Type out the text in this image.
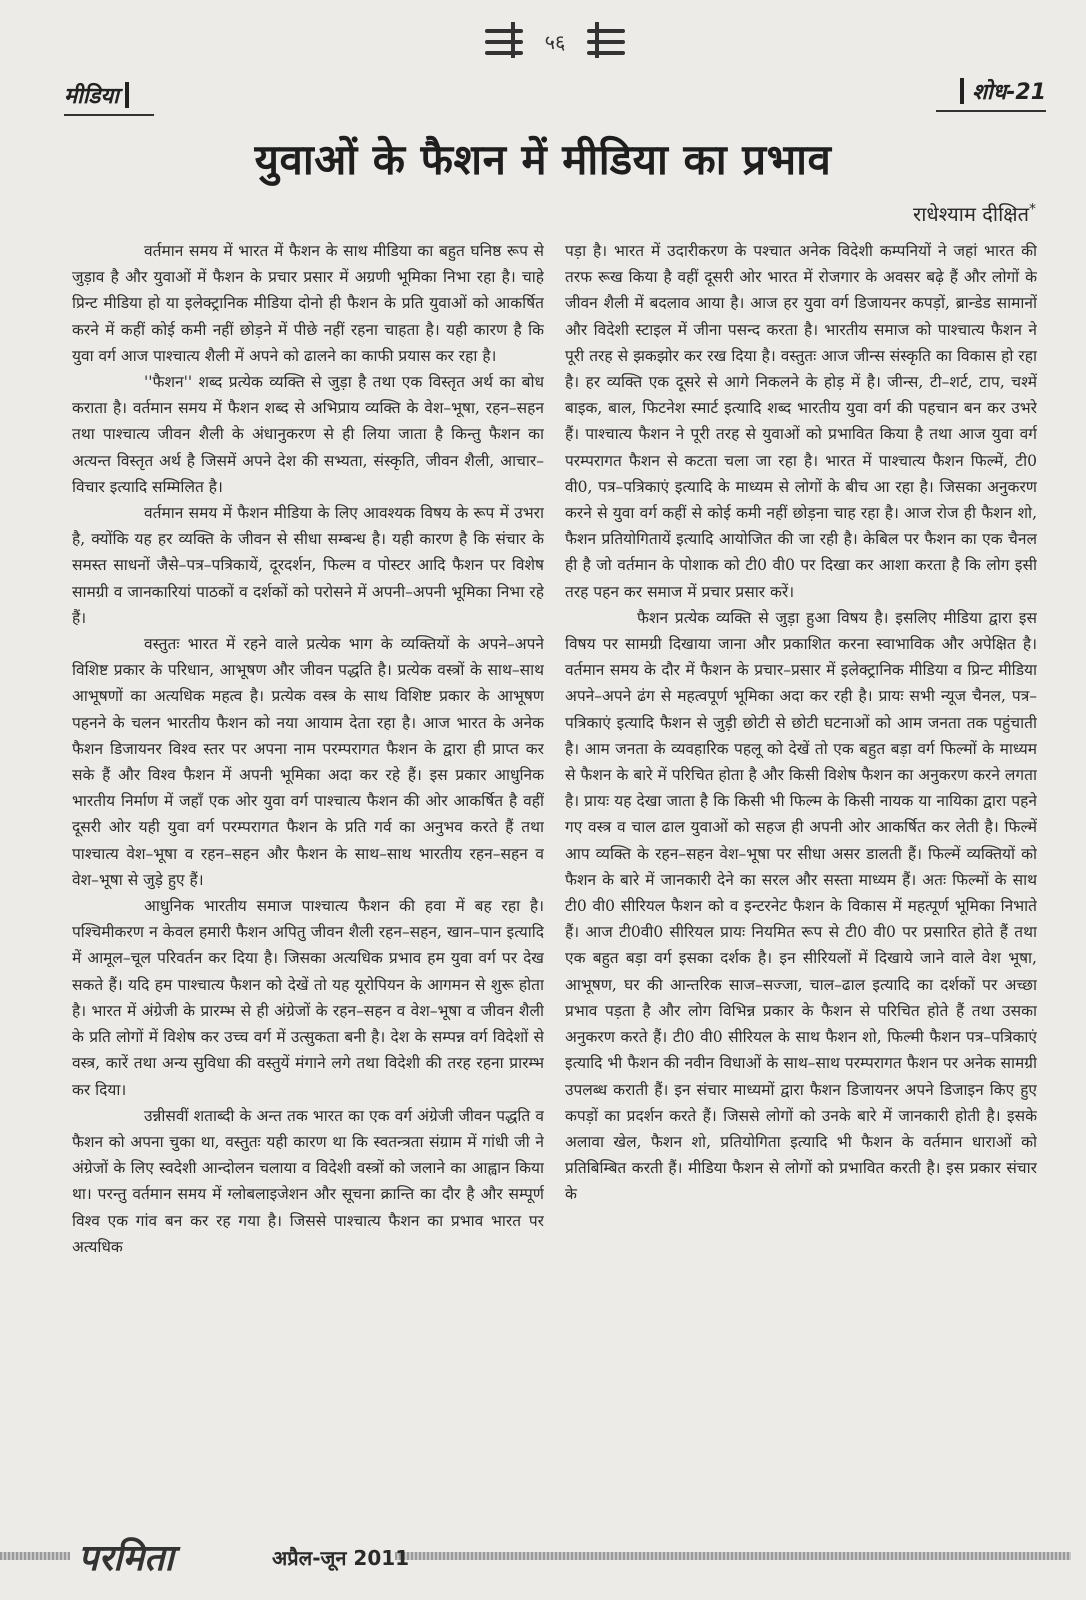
५६
मीडिया	शोध-21
युवाओं के फैशन में मीडिया का प्रभाव
राधेश्याम दीक्षित*

वर्तमान समय में भारत में फैशन के साथ मीडिया का बहुत घनिष्ठ रूप से जुड़ाव है और युवाओं में फैशन के प्रचार प्रसार में अग्रणी भूमिका निभा रहा है। चाहे प्रिन्ट मीडिया हो या इलेक्ट्रानिक मीडिया दोनो ही फैशन के प्रति युवाओं को आकर्षित करने में कहीं कोई कमी नहीं छोड़ने में पीछे नहीं रहना चाहता है। यही कारण है कि युवा वर्ग आज पाश्चात्य शैली में अपने को ढालने का काफी प्रयास कर रहा है।

''फैशन'' शब्द प्रत्येक व्यक्ति से जुड़ा है तथा एक विस्तृत अर्थ का बोध कराता है। वर्तमान समय में फैशन शब्द से अभिप्राय व्यक्ति के वेश–भूषा, रहन–सहन तथा पाश्चात्य जीवन शैली के अंधानुकरण से ही लिया जाता है किन्तु फैशन का अत्यन्त विस्तृत अर्थ है जिसमें अपने देश की सभ्यता, संस्कृति, जीवन शैली, आचार–विचार इत्यादि सम्मिलित है।

वर्तमान समय में फैशन मीडिया के लिए आवश्यक विषय के रूप में उभरा है, क्योंकि यह हर व्यक्ति के जीवन से सीधा सम्बन्ध है। यही कारण है कि संचार के समस्त साधनों जैसे–पत्र–पत्रिकायें, दूरदर्शन, फिल्म व पोस्टर आदि फैशन पर विशेष सामग्री व जानकारियां पाठकों व दर्शकों को परोसने में अपनी–अपनी भूमिका निभा रहे हैं।

वस्तुतः भारत में रहने वाले प्रत्येक भाग के व्यक्तियों के अपने–अपने विशिष्ट प्रकार के परिधान, आभूषण और जीवन पद्धति है। प्रत्येक वस्त्रों के साथ–साथ आभूषणों का अत्यधिक महत्व है। प्रत्येक वस्त्र के साथ विशिष्ट प्रकार के आभूषण पहनने के चलन भारतीय फैशन को नया आयाम देता रहा है। आज भारत के अनेक फैशन डिजायनर विश्व स्तर पर अपना नाम परम्परागत फैशन के द्वारा ही प्राप्त कर सके हैं और विश्व फैशन में अपनी भूमिका अदा कर रहे हैं। इस प्रकार आधुनिक भारतीय निर्माण में जहाँ एक ओर युवा वर्ग पाश्चात्य फैशन की ओर आकर्षित है वहीं दूसरी ओर यही युवा वर्ग परम्परागत फैशन के प्रति गर्व का अनुभव करते हैं तथा पाश्चात्य वेश–भूषा व रहन–सहन और फैशन के साथ–साथ भारतीय रहन–सहन व वेश–भूषा से जुड़े हुए हैं।

आधुनिक भारतीय समाज पाश्चात्य फैशन की हवा में बह रहा है। पश्चिमीकरण न केवल हमारी फैशन अपितु जीवन शैली रहन–सहन, खान–पान इत्यादि में आमूल–चूल परिवर्तन कर दिया है। जिसका अत्यधिक प्रभाव हम युवा वर्ग पर देख सकते हैं। यदि हम पाश्चात्य फैशन को देखें तो यह यूरोपियन के आगमन से शुरू होता है। भारत में अंग्रेजी के प्रारम्भ से ही अंग्रेजों के रहन–सहन व वेश–भूषा व जीवन शैली के प्रति लोगों में विशेष कर उच्च वर्ग में उत्सुकता बनी है। देश के सम्पन्न वर्ग विदेशों से वस्त्र, कारें तथा अन्य सुविधा की वस्तुयें मंगाने लगे तथा विदेशी की तरह रहना प्रारम्भ कर दिया।

उन्नीसवीं शताब्दी के अन्त तक भारत का एक वर्ग अंग्रेजी जीवन पद्धति व फैशन को अपना चुका था, वस्तुतः यही कारण था कि स्वतन्त्रता संग्राम में गांधी जी ने अंग्रेजों के लिए स्वदेशी आन्दोलन चलाया व विदेशी वस्त्रों को जलाने का आह्वान किया था। परन्तु वर्तमान समय में ग्लोबलाइजेशन और सूचना क्रान्ति का दौर है और सम्पूर्ण विश्व एक गांव बन कर रह गया है। जिससे पाश्चात्य फैशन का प्रभाव भारत पर अत्यधिक

पड़ा है। भारत में उदारीकरण के पश्चात अनेक विदेशी कम्पनियों ने जहां भारत की तरफ रूख किया है वहीं दूसरी ओर भारत में रोजगार के अवसर बढ़े हैं और लोगों के जीवन शैली में बदलाव आया है। आज हर युवा वर्ग डिजायनर कपड़ों, ब्रान्डेड सामानों और विदेशी स्टाइल में जीना पसन्द करता है। भारतीय समाज को पाश्चात्य फैशन ने पूरी तरह से झकझोर कर रख दिया है। वस्तुतः आज जीन्स संस्कृति का विकास हो रहा है। हर व्यक्ति एक दूसरे से आगे निकलने के होड़ में है। जीन्स, टी–शर्ट, टाप, चश्में बाइक, बाल, फिटनेश स्मार्ट इत्यादि शब्द भारतीय युवा वर्ग की पहचान बन कर उभरे हैं। पाश्चात्य फैशन ने पूरी तरह से युवाओं को प्रभावित किया है तथा आज युवा वर्ग परम्परागत फैशन से कटता चला जा रहा है। भारत में पाश्चात्य फैशन फिल्में, टी0 वी0, पत्र–पत्रिकाएं इत्यादि के माध्यम से लोगों के बीच आ रहा है। जिसका अनुकरण करने से युवा वर्ग कहीं से कोई कमी नहीं छोड़ना चाह रहा है। आज रोज ही फैशन शो, फैशन प्रतियोगितायें इत्यादि आयोजित की जा रही है। केबिल पर फैशन का एक चैनल ही है जो वर्तमान के पोशाक को टी0 वी0 पर दिखा कर आशा करता है कि लोग इसी तरह पहन कर समाज में प्रचार प्रसार करें।

फैशन प्रत्येक व्यक्ति से जुड़ा हुआ विषय है। इसलिए मीडिया द्वारा इस विषय पर सामग्री दिखाया जाना और प्रकाशित करना स्वाभाविक और अपेक्षित है। वर्तमान समय के दौर में फैशन के प्रचार–प्रसार में इलेक्ट्रानिक मीडिया व प्रिन्ट मीडिया अपने–अपने ढंग से महत्वपूर्ण भूमिका अदा कर रही है। प्रायः सभी न्यूज चैनल, पत्र–पत्रिकाएं इत्यादि फैशन से जुड़ी छोटी से छोटी घटनाओं को आम जनता तक पहुंचाती है। आम जनता के व्यवहारिक पहलू को देखें तो एक बहुत बड़ा वर्ग फिल्मों के माध्यम से फैशन के बारे में परिचित होता है और किसी विशेष फैशन का अनुकरण करने लगता है। प्रायः यह देखा जाता है कि किसी भी फिल्म के किसी नायक या नायिका द्वारा पहने गए वस्त्र व चाल ढाल युवाओं को सहज ही अपनी ओर आकर्षित कर लेती है। फिल्में आप व्यक्ति के रहन–सहन वेश–भूषा पर सीधा असर डालती हैं। फिल्में व्यक्तियों को फैशन के बारे में जानकारी देने का सरल और सस्ता माध्यम हैं। अतः फिल्मों के साथ टी0 वी0 सीरियल फैशन को व इन्टरनेट फैशन के विकास में महत्पूर्ण भूमिका निभाते हैं। आज टी0वी0 सीरियल प्रायः नियमित रूप से टी0 वी0 पर प्रसारित होते हैं तथा एक बहुत बड़ा वर्ग इसका दर्शक है। इन सीरियलों में दिखाये जाने वाले वेश भूषा, आभूषण, घर की आन्तरिक साज–सज्जा, चाल–ढाल इत्यादि का दर्शकों पर अच्छा प्रभाव पड़ता है और लोग विभिन्न प्रकार के फैशन से परिचित होते हैं तथा उसका अनुकरण करते हैं। टी0 वी0 सीरियल के साथ फैशन शो, फिल्मी फैशन पत्र–पत्रिकाएं इत्यादि भी फैशन की नवीन विधाओं के साथ–साथ परम्परागत फैशन पर अनेक सामग्री उपलब्ध कराती हैं। इन संचार माध्यमों द्वारा फैशन डिजायनर अपने डिजाइन किए हुए कपड़ों का प्रदर्शन करते हैं। जिससे लोगों को उनके बारे में जानकारी होती है। इसके अलावा खेल, फैशन शो, प्रतियोगिता इत्यादि भी फैशन के वर्तमान धाराओं को प्रतिबिम्बित करती हैं। मीडिया फैशन से लोगों को प्रभावित करती है। इस प्रकार संचार के

परमिता	अप्रैल-जून 2011
